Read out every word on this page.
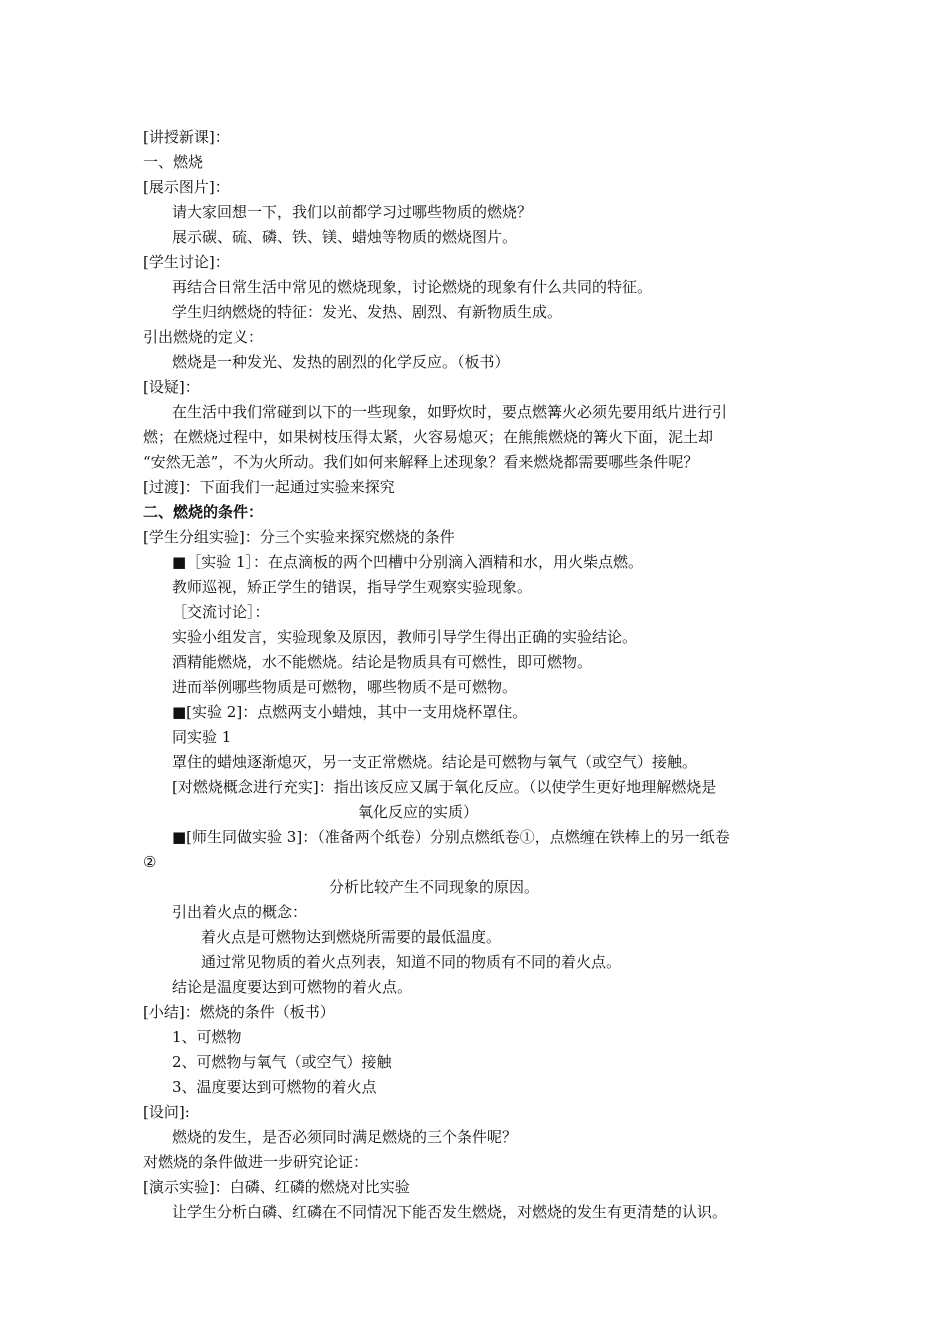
[讲授新课]：
一、燃烧
[展示图片]：
请大家回想一下，我们以前都学习过哪些物质的燃烧？
展示碳、硫、磷、铁、镁、蜡烛等物质的燃烧图片。
[学生讨论]：
再结合日常生活中常见的燃烧现象，讨论燃烧的现象有什么共同的特征。
学生归纳燃烧的特征：发光、发热、剧烈、有新物质生成。
引出燃烧的定义：
燃烧是一种发光、发热的剧烈的化学反应。（板书）
[设疑]：
在生活中我们常碰到以下的一些现象，如野炊时，要点燃篝火必须先要用纸片进行引
燃；在燃烧过程中，如果树枝压得太紧，火容易熄灭；在熊熊燃烧的篝火下面，泥土却
“安然无恙”，不为火所动。我们如何来解释上述现象？看来燃烧都需要哪些条件呢？
[过渡]：下面我们一起通过实验来探究
二、燃烧的条件：
[学生分组实验]：分三个实验来探究燃烧的条件
■［实验 1］：在点滴板的两个凹槽中分别滴入酒精和水，用火柴点燃。
教师巡视，矫正学生的错误，指导学生观察实验现象。
［交流讨论］：
实验小组发言，实验现象及原因，教师引导学生得出正确的实验结论。
酒精能燃烧，水不能燃烧。结论是物质具有可燃性，即可燃物。
进而举例哪些物质是可燃物，哪些物质不是可燃物。
■[实验 2]：点燃两支小蜡烛，其中一支用烧杯罩住。
同实验 1
罩住的蜡烛逐渐熄灭，另一支正常燃烧。结论是可燃物与氧气（或空气）接触。
[对燃烧概念进行充实]：指出该反应又属于氧化反应。（以使学生更好地理解燃烧是
氧化反应的实质）
■[师生同做实验 3]：（准备两个纸卷）分别点燃纸卷①，点燃缠在铁棒上的另一纸卷
②
分析比较产生不同现象的原因。
引出着火点的概念：
着火点是可燃物达到燃烧所需要的最低温度。
通过常见物质的着火点列表，知道不同的物质有不同的着火点。
结论是温度要达到可燃物的着火点。
[小结]：燃烧的条件（板书）
1、可燃物
2、可燃物与氧气（或空气）接触
3、温度要达到可燃物的着火点
[设问]:
燃烧的发生，是否必须同时满足燃烧的三个条件呢？
对燃烧的条件做进一步研究论证：
[演示实验]：白磷、红磷的燃烧对比实验
让学生分析白磷、红磷在不同情况下能否发生燃烧，对燃烧的发生有更清楚的认识。
